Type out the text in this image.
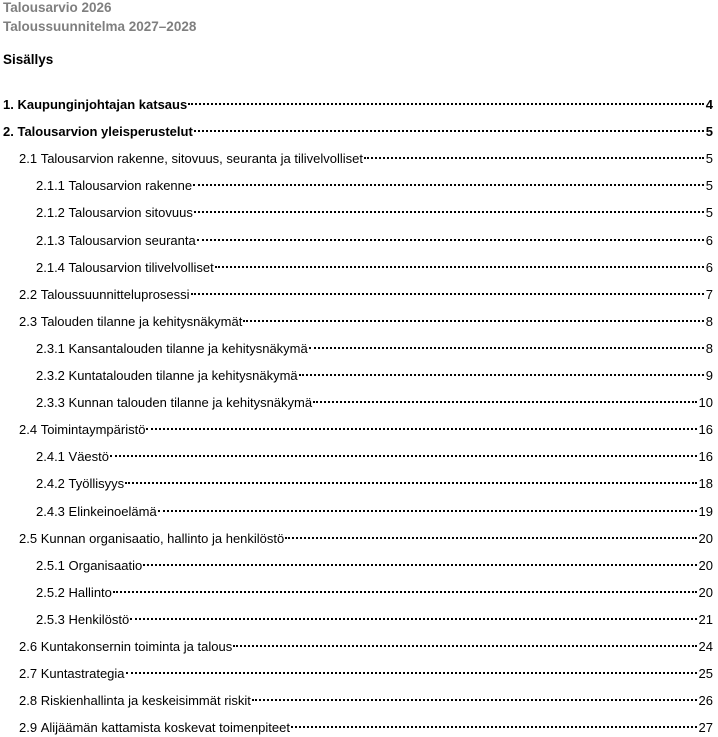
Talousarvio 2026
Taloussuunnitelma 2027–2028
Sisällys
1. Kaupunginjohtajan katsaus	4
2. Talousarvion yleisperustelut	5
2.1 Talousarvion rakenne, sitovuus, seuranta ja tilivelvolliset	5
2.1.1 Talousarvion rakenne	5
2.1.2 Talousarvion sitovuus	5
2.1.3 Talousarvion seuranta	6
2.1.4 Talousarvion tilivelvolliset	6
2.2 Taloussuunnitteluprosessi	7
2.3 Talouden tilanne ja kehitysnäkymät	8
2.3.1 Kansantalouden tilanne ja kehitysnäkymä	8
2.3.2 Kuntatalouden tilanne ja kehitysnäkymä	9
2.3.3 Kunnan talouden tilanne ja kehitysnäkymä	10
2.4 Toimintaympäristö	16
2.4.1 Väestö	16
2.4.2 Työllisyys	18
2.4.3 Elinkeinoelämä	19
2.5 Kunnan organisaatio, hallinto ja henkilöstö	20
2.5.1 Organisaatio	20
2.5.2 Hallinto	20
2.5.3 Henkilöstö	21
2.6 Kuntakonsernin toiminta ja talous	24
2.7 Kuntastrategia	25
2.8 Riskienhallinta ja keskeisimmät riskit	26
2.9 Alijäämän kattamista koskevat toimenpiteet	27
